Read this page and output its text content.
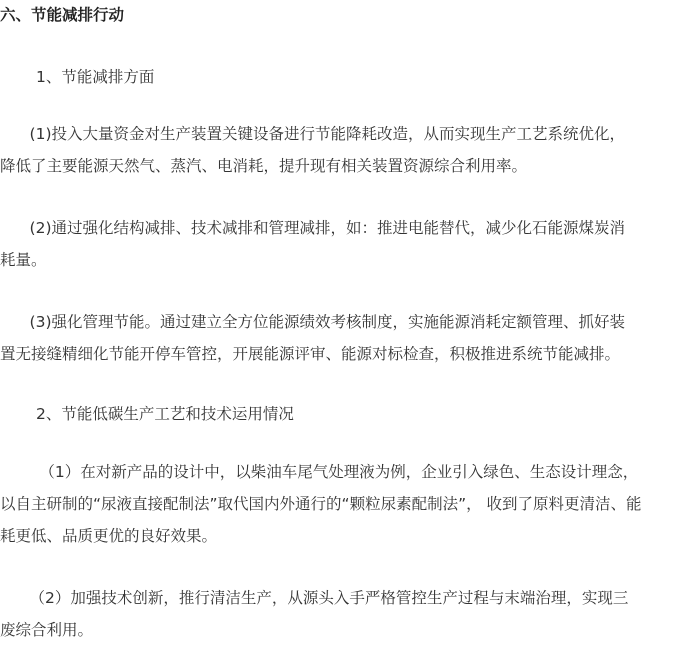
六、节能减排行动
1、节能减排方面

(1)投入大量资金对生产装置关键设备进行节能降耗改造，从而实现生产工艺系统优化，
降低了主要能源天然气、蒸汽、电消耗，提升现有相关装置资源综合利用率。

(2)通过强化结构减排、技术减排和管理减排，如：推进电能替代，减少化石能源煤炭消
耗量。

(3)强化管理节能。通过建立全方位能源绩效考核制度，实施能源消耗定额管理、抓好装
置无接缝精细化节能开停车管控，开展能源评审、能源对标检查，积极推进系统节能减排。

2、节能低碳生产工艺和技术运用情况

（1）在对新产品的设计中，以柴油车尾气处理液为例，企业引入绿色、生态设计理念，
以自主研制的“尿液直接配制法”取代国内外通行的“颗粒尿素配制法”， 收到了原料更清洁、能
耗更低、品质更优的良好效果。

（2）加强技术创新，推行清洁生产，从源头入手严格管控生产过程与末端治理，实现三
废综合利用。
